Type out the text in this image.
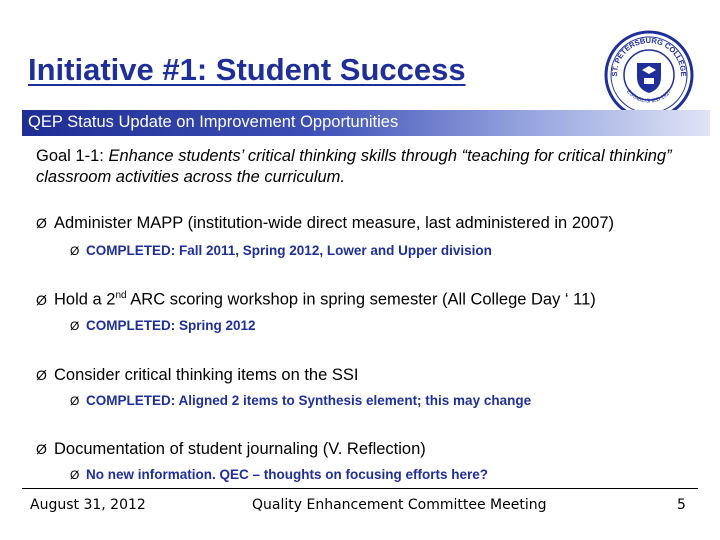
Initiative #1: Student Success	ST. PETERSBURG COLLEGE
ESTABLISHED 1927
QEP Status Update on Improvement Opportunities
Goal 1-1: Enhance students’ critical thinking skills through “teaching for critical thinking” classroom activities across the curriculum.
Ø Administer MAPP (institution-wide direct measure, last administered in 2007)
Ø COMPLETED: Fall 2011, Spring 2012, Lower and Upper division
Ø Hold a 2nd ARC scoring workshop in spring semester (All College Day ‘ 11)
Ø COMPLETED: Spring 2012
Ø Consider critical thinking items on the SSI
Ø COMPLETED: Aligned 2 items to Synthesis element; this may change
Ø Documentation of student journaling (V. Reflection)
Ø No new information. QEC – thoughts on focusing efforts here?
August 31, 2012	Quality Enhancement Committee Meeting	5
